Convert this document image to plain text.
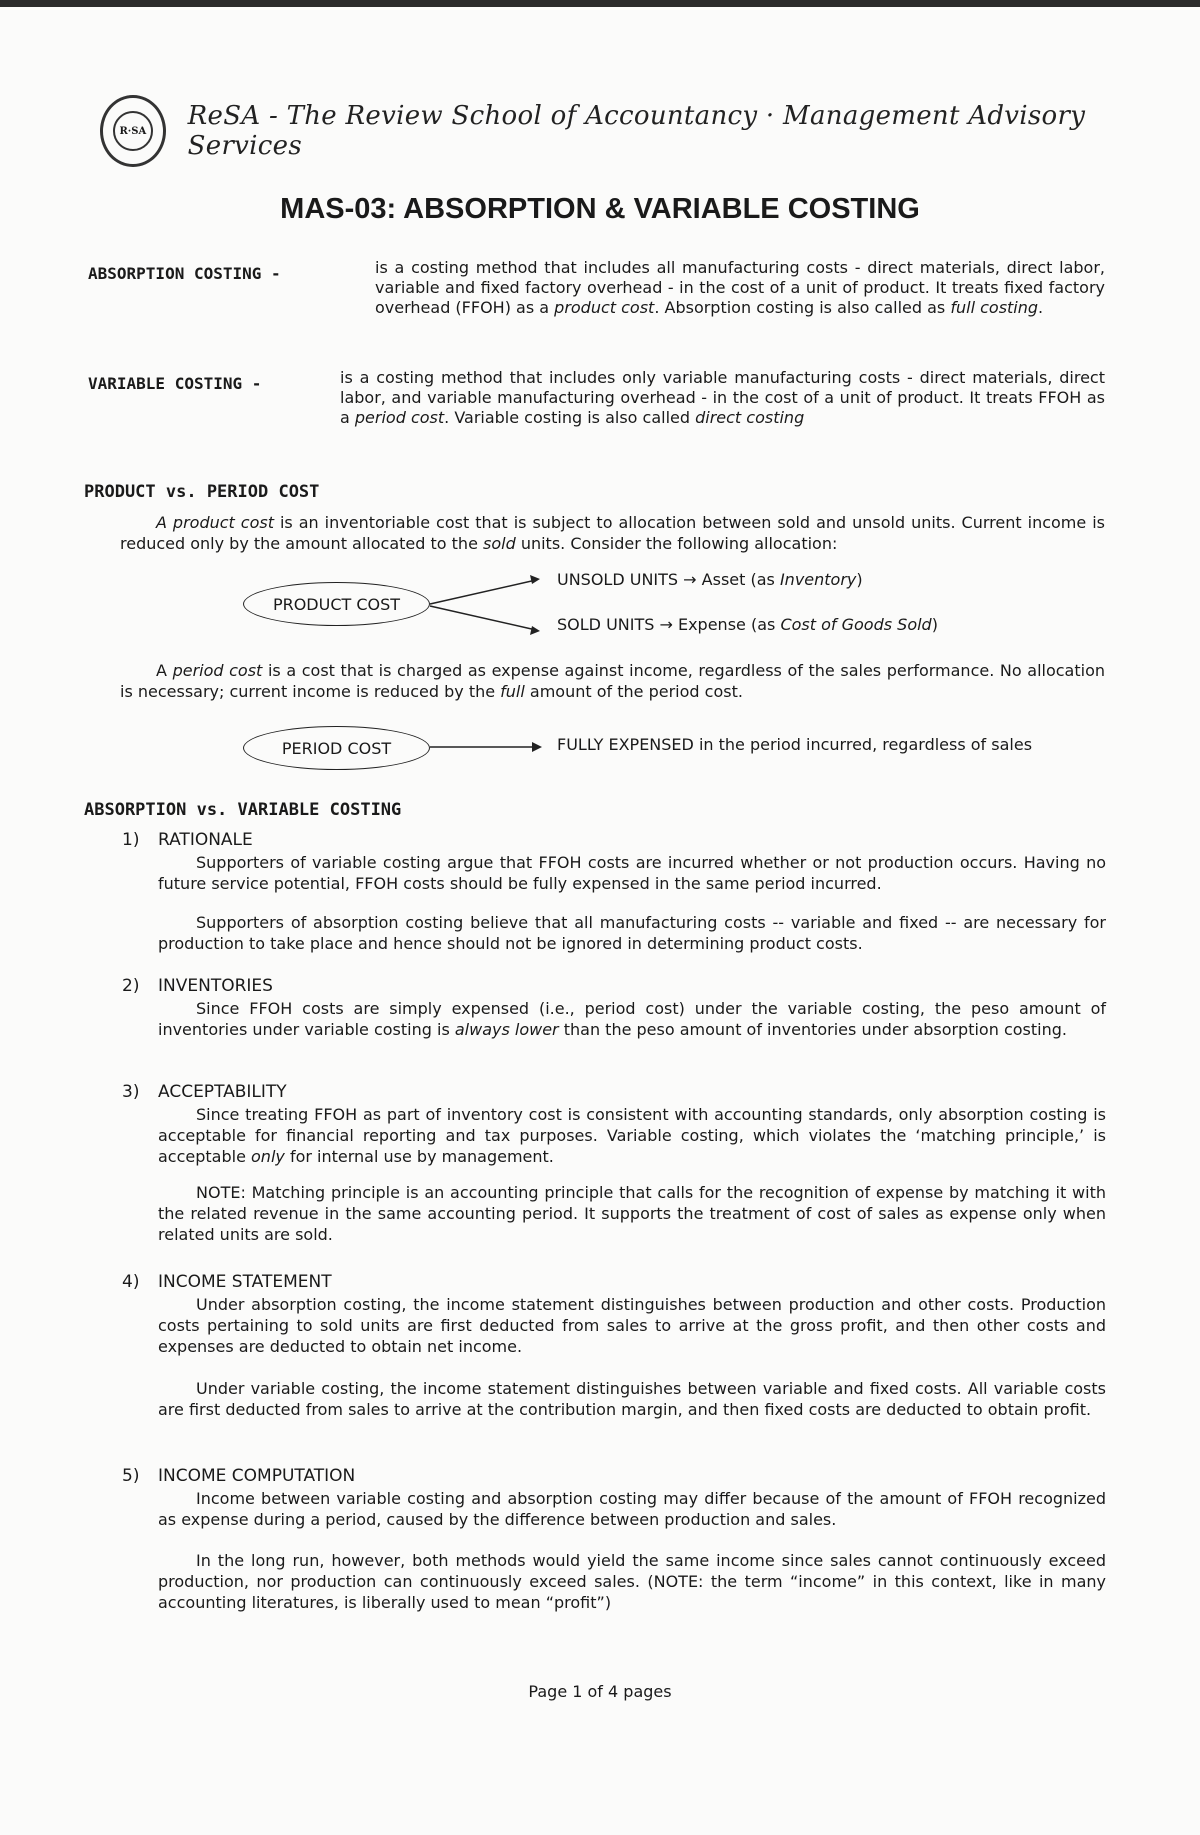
R·SA ReSA - The Review School of Accountancy · Management Advisory Services
MAS-03: ABSORPTION & VARIABLE COSTING
ABSORPTION COSTING -	is a costing method that includes all manufacturing costs - direct materials, direct labor, variable and fixed factory overhead - in the cost of a unit of product. It treats fixed factory overhead (FFOH) as a product cost. Absorption costing is also called as full costing.
VARIABLE COSTING -	is a costing method that includes only variable manufacturing costs - direct materials, direct labor, and variable manufacturing overhead - in the cost of a unit of product. It treats FFOH as a period cost. Variable costing is also called direct costing
PRODUCT vs. PERIOD COST
A product cost is an inventoriable cost that is subject to allocation between sold and unsold units. Current income is reduced only by the amount allocated to the sold units. Consider the following allocation:
PRODUCT COST
UNSOLD UNITS → Asset (as Inventory)
SOLD UNITS → Expense (as Cost of Goods Sold)
A period cost is a cost that is charged as expense against income, regardless of the sales performance. No allocation is necessary; current income is reduced by the full amount of the period cost.
PERIOD COST	FULLY EXPENSED in the period incurred, regardless of sales
ABSORPTION vs. VARIABLE COSTING
1) RATIONALE
Supporters of variable costing argue that FFOH costs are incurred whether or not production occurs. Having no future service potential, FFOH costs should be fully expensed in the same period incurred.
Supporters of absorption costing believe that all manufacturing costs -- variable and fixed -- are necessary for production to take place and hence should not be ignored in determining product costs.
2) INVENTORIES
Since FFOH costs are simply expensed (i.e., period cost) under the variable costing, the peso amount of inventories under variable costing is always lower than the peso amount of inventories under absorption costing.
3) ACCEPTABILITY
Since treating FFOH as part of inventory cost is consistent with accounting standards, only absorption costing is acceptable for financial reporting and tax purposes. Variable costing, which violates the ‘matching principle,’ is acceptable only for internal use by management.
NOTE: Matching principle is an accounting principle that calls for the recognition of expense by matching it with the related revenue in the same accounting period. It supports the treatment of cost of sales as expense only when related units are sold.
4) INCOME STATEMENT
Under absorption costing, the income statement distinguishes between production and other costs. Production costs pertaining to sold units are first deducted from sales to arrive at the gross profit, and then other costs and expenses are deducted to obtain net income.
Under variable costing, the income statement distinguishes between variable and fixed costs. All variable costs are first deducted from sales to arrive at the contribution margin, and then fixed costs are deducted to obtain profit.
5) INCOME COMPUTATION
Income between variable costing and absorption costing may differ because of the amount of FFOH recognized as expense during a period, caused by the difference between production and sales.
In the long run, however, both methods would yield the same income since sales cannot continuously exceed production, nor production can continuously exceed sales. (NOTE: the term “income” in this context, like in many accounting literatures, is liberally used to mean “profit”)
Page 1 of 4 pages
